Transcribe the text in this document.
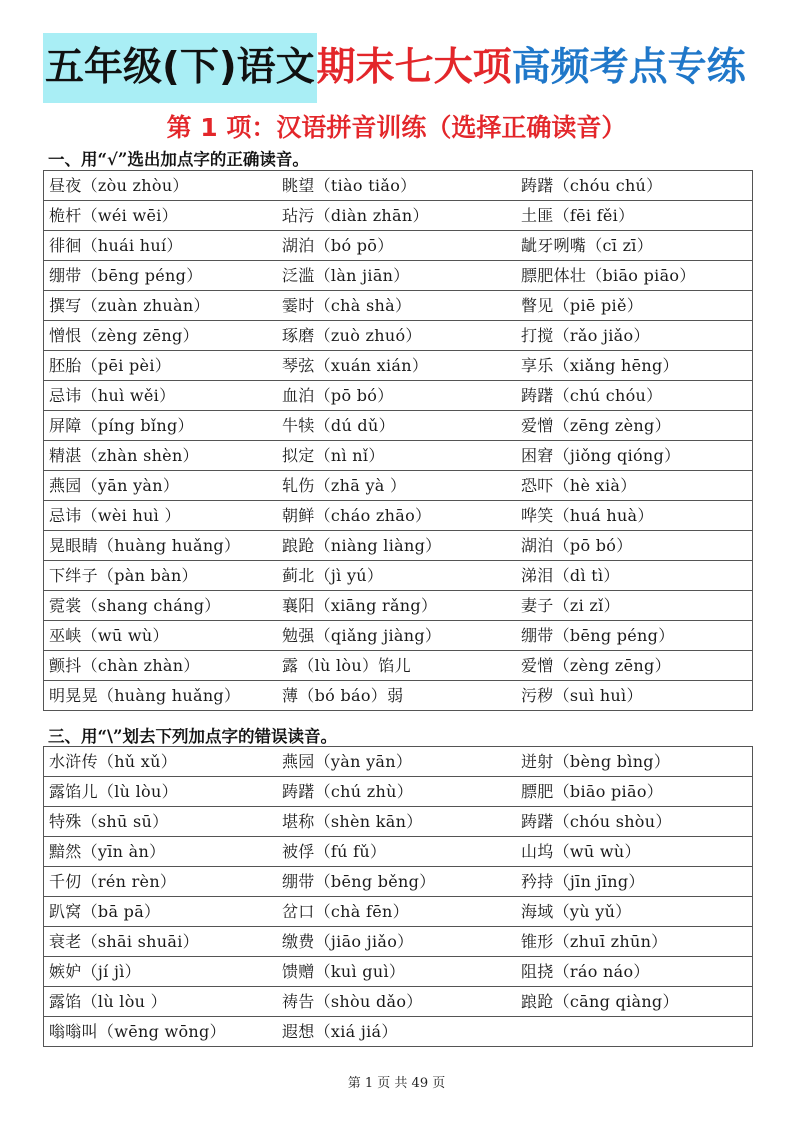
五年级(下)语文 期末七大项 高频考点专练
第 1 项：汉语拼音训练（选择正确读音）
一、用“√”选出加点字的正确读音。
昼夜（zòu zhòu）	眺望（tiào tiǎo）	踌躇（chóu chú）
桅杆（wéi wēi）	玷污（diàn zhān）	土匪（fēi fěi）
徘徊（huái huí）	湖泊（bó pō）	龇牙咧嘴（cī zī）
绷带（bēng péng）	泛滥（làn jiān）	膘肥体壮（biāo piāo）
撰写（zuàn zhuàn）	霎时（chà shà）	瞥见（piē piě）
憎恨（zèng zēng）	琢磨（zuò zhuó）	打搅（rǎo jiǎo）
胚胎（pēi pèi）	琴弦（xuán xián）	享乐（xiǎng hēng）
忌讳（huì wěi）	血泊（pō bó）	踌躇（chú chóu）
屏障（píng bǐng）	牛犊（dú dǔ）	爱憎（zēng zèng）
精湛（zhàn shèn）	拟定（nì nǐ）	困窘（jiǒng qióng）
燕园（yān yàn）	轧伤（zhā yà ）	恐吓（hè xià）
忌讳（wèi huì ）	朝鲜（cháo zhāo）	哗笑（huá huà）
晃眼睛（huàng huǎng）	踉跄（niàng liàng）	湖泊（pō bó）
下绊子（pàn bàn）	蓟北（jì yú）	涕泪（dì tì）
霓裳（shang cháng）	襄阳（xiāng rǎng）	妻子（zi zǐ）
巫峡（wū wù）	勉强（qiǎng jiàng）	绷带（bēng péng）
颤抖（chàn zhàn）	露（lù lòu）馅儿	爱憎（zèng zēng）
明晃晃（huàng huǎng）	薄（bó báo）弱	污秽（suì huì）
三、用“\”划去下列加点字的错误读音。
水浒传（hǔ xǔ）	燕园（yàn yān）	迸射（bèng bìng）
露馅儿（lù lòu）	踌躇（chú zhù）	膘肥（biāo piāo）
特殊（shū sū）	堪称（shèn kān）	踌躇（chóu shòu）
黯然（yīn àn）	被俘（fú fǔ）	山坞（wū wù）
千仞（rén rèn）	绷带（bēng běng）	矜持（jīn jīng）
趴窝（bā pā）	岔口（chà fēn）	海域（yù yǔ）
衰老（shāi shuāi）	缴费（jiāo jiǎo）	锥形（zhuī zhūn）
嫉妒（jí jì）	馈赠（kuì guì）	阻挠（ráo náo）
露馅（lù lòu ）	祷告（shòu dǎo）	踉跄（cāng qiàng）
嗡嗡叫（wēng wōng）	遐想（xiá jiá）
第 1 页 共 49 页
